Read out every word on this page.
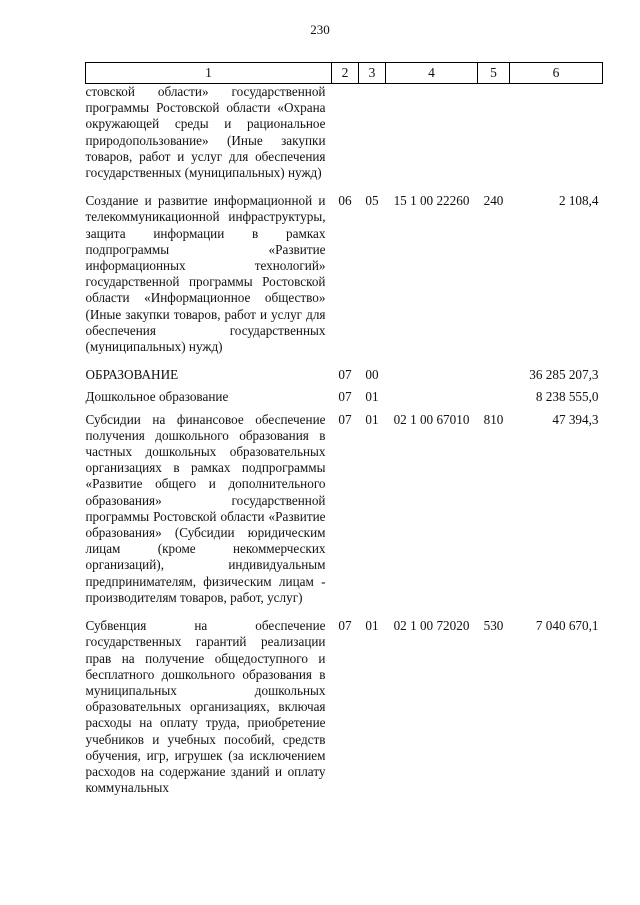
230
1	2	3	4	5	6
стовской области» государственной программы Ростовской области «Охрана окружающей среды и рациональное природопользование» (Иные закупки товаров, работ и услуг для обеспечения государственных (муниципальных) нужд)					
Создание и развитие информационной и телекоммуникационной инфраструктуры, защита информации в рамках подпрограммы «Развитие информационных технологий» государственной программы Ростовской области «Информационное общество» (Иные закупки товаров, работ и услуг для обеспечения государственных (муниципальных) нужд)	06	05	15 1 00 22260	240	2 108,4
ОБРАЗОВАНИЕ	07	00			36 285 207,3
Дошкольное образование	07	01			8 238 555,0
Субсидии на финансовое обеспечение получения дошкольного образования в частных дошкольных образовательных организациях в рамках подпрограммы «Развитие общего и дополнительного образования» государственной программы Ростовской области «Развитие образования» (Субсидии юридическим лицам (кроме некоммерческих организаций), индивидуальным предпринимателям, физическим лицам - производителям товаров, работ, услуг)	07	01	02 1 00 67010	810	47 394,3
Субвенция на обеспечение государственных гарантий реализации прав на получение общедоступного и бесплатного дошкольного образования в муниципальных дошкольных образовательных организациях, включая расходы на оплату труда, приобретение учебников и учебных пособий, средств обучения, игр, игрушек (за исключением расходов на содержание зданий и оплату коммунальных	07	01	02 1 00 72020	530	7 040 670,1
